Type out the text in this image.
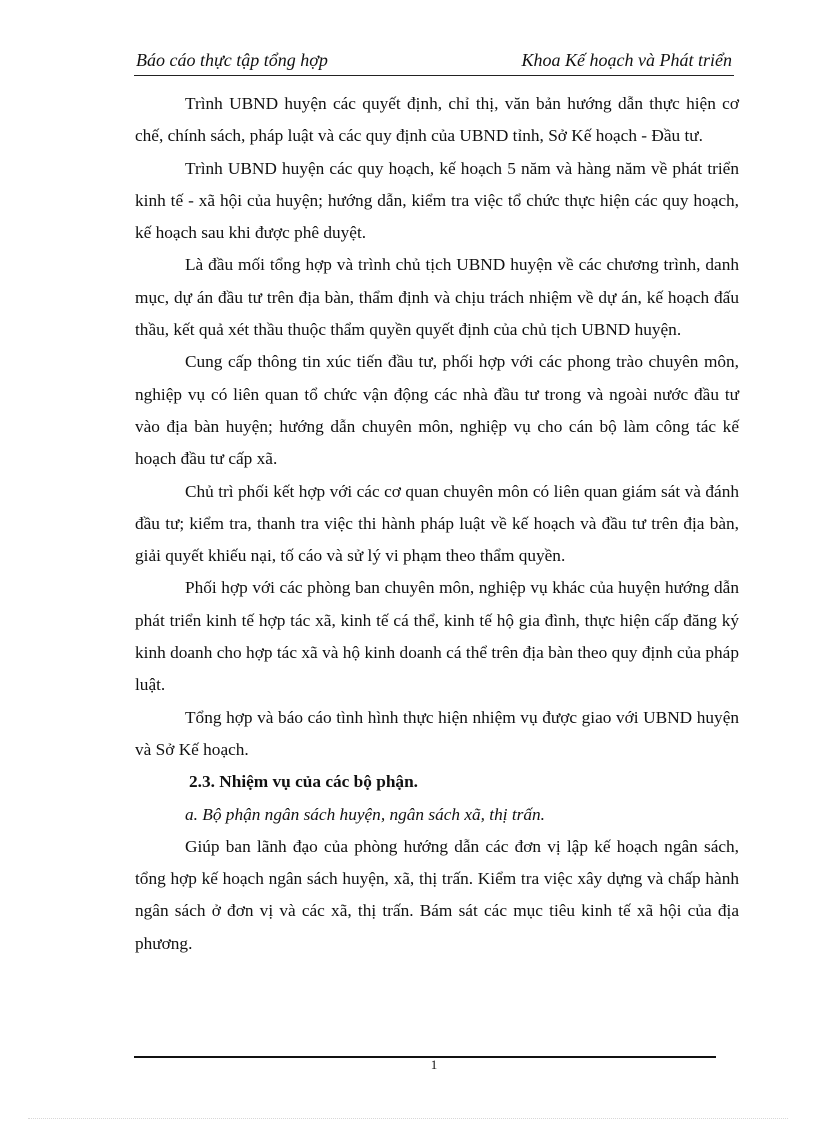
Báo cáo thực tập tổng hợp	Khoa Kế hoạch và Phát triển

Trình UBND huyện các quyết định, chỉ thị, văn bản hướng dẫn thực hiện cơ chế, chính sách, pháp luật và các quy định của UBND tỉnh, Sở Kế hoạch - Đầu tư.

Trình UBND huyện các quy hoạch, kế hoạch 5 năm và hàng năm về phát triển kinh tế - xã hội của huyện; hướng dẫn, kiểm tra việc tổ chức thực hiện các quy hoạch, kế hoạch sau khi được phê duyệt.

Là đầu mối tổng hợp và trình chủ tịch UBND huyện về các chương trình, danh mục, dự án đầu tư trên địa bàn, thẩm định và chịu trách nhiệm về dự án, kế hoạch đấu thầu, kết quả xét thầu thuộc thẩm quyền quyết định của chủ tịch UBND huyện.

Cung cấp thông tin xúc tiến đầu tư, phối hợp với các phong trào chuyên môn, nghiệp vụ có liên quan tổ chức vận động các nhà đầu tư trong và ngoài nước đầu tư vào địa bàn huyện; hướng dẫn chuyên môn, nghiệp vụ cho cán bộ làm công tác kế hoạch đầu tư cấp xã.

Chủ trì phối kết hợp với các cơ quan chuyên môn có liên quan giám sát và đánh đầu tư; kiểm tra, thanh tra việc thi hành pháp luật về kế hoạch và đầu tư trên địa bàn, giải quyết khiếu nại, tố cáo và sử lý vi phạm theo thẩm quyền.

Phối hợp với các phòng ban chuyên môn, nghiệp vụ khác của huyện hướng dẫn phát triển kinh tế hợp tác xã, kinh tế cá thể, kinh tế hộ gia đình, thực hiện cấp đăng ký kinh doanh cho hợp tác xã và hộ kinh doanh cá thể trên địa bàn theo quy định của pháp luật.

Tổng hợp và báo cáo tình hình thực hiện nhiệm vụ được giao với UBND huyện và Sở Kế hoạch.

2.3. Nhiệm vụ của các bộ phận.

a. Bộ phận ngân sách huyện, ngân sách xã, thị trấn.

Giúp ban lãnh đạo của phòng hướng dẫn các đơn vị lập kế hoạch ngân sách, tổng hợp kế hoạch ngân sách huyện, xã, thị trấn. Kiểm tra việc xây dựng và chấp hành ngân sách ở đơn vị và các xã, thị trấn. Bám sát các mục tiêu kinh tế xã hội của địa phương.

1
